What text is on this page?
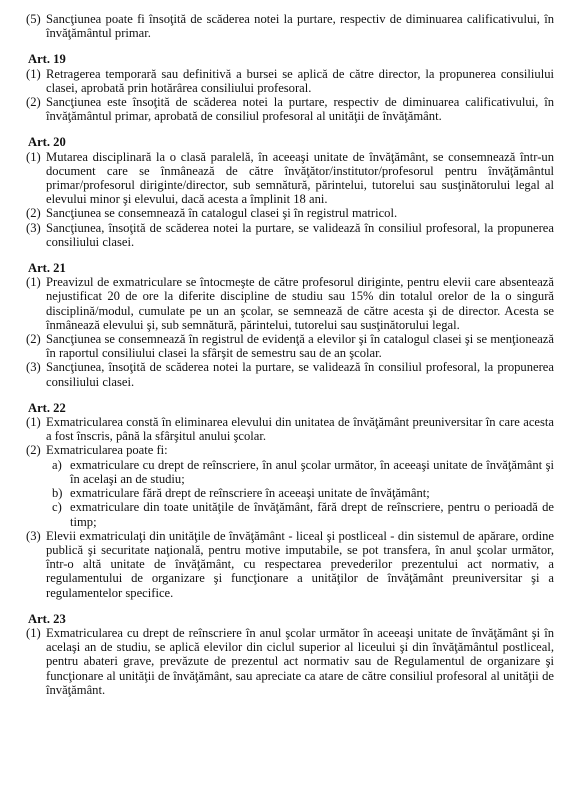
(5) Sancţiunea poate fi însoţită de scăderea notei la purtare, respectiv de diminuarea calificativului, în învăţământul primar.

Art. 19

(1) Retragerea temporară sau definitivă a bursei se aplică de către director, la propunerea consiliului clasei, aprobată prin hotărârea consiliului profesoral.
(2) Sancţiunea este însoţită de scăderea notei la purtare, respectiv de diminuarea calificativului, în învăţământul primar, aprobată de consiliul profesoral al unităţii de învăţământ.

Art. 20

(1) Mutarea disciplinară la o clasă paralelă, în aceeaşi unitate de învăţământ, se consemnează într-un document care se înmânează de către învăţător/institutor/profesorul pentru învăţământul primar/profesorul diriginte/director, sub semnătură, părintelui, tutorelui sau susţinătorului legal al elevului minor şi elevului, dacă acesta a împlinit 18 ani.
(2) Sancţiunea se consemnează în catalogul clasei şi în registrul matricol.
(3) Sancţiunea, însoţită de scăderea notei la purtare, se validează în consiliul profesoral, la propunerea consiliului clasei.

Art. 21

(1) Preavizul de exmatriculare se întocmeşte de către profesorul diriginte, pentru elevii care absentează nejustificat 20 de ore la diferite discipline de studiu sau 15% din totalul orelor de la o singură disciplină/modul, cumulate pe un an şcolar, se semnează de către acesta şi de director. Acesta se înmânează elevului şi, sub semnătură, părintelui, tutorelui sau susţinătorului legal.
(2) Sancţiunea se consemnează în registrul de evidenţă a elevilor şi în catalogul clasei şi se menţionează în raportul consiliului clasei la sfârşit de semestru sau de an şcolar.
(3) Sancţiunea, însoţită de scăderea notei la purtare, se validează în consiliul profesoral, la propunerea consiliului clasei.

Art. 22

(1) Exmatricularea constă în eliminarea elevului din unitatea de învăţământ preuniversitar în care acesta a fost înscris, până la sfârşitul anului şcolar.
(2) Exmatricularea poate fi:
a) exmatriculare cu drept de reînscriere, în anul şcolar următor, în aceeaşi unitate de învăţământ şi în acelaşi an de studiu;
b) exmatriculare fără drept de reînscriere în aceeaşi unitate de învăţământ;
c) exmatriculare din toate unităţile de învăţământ, fără drept de reînscriere, pentru o perioadă de timp;
(3) Elevii exmatriculaţi din unităţile de învăţământ - liceal şi postliceal - din sistemul de apărare, ordine publică şi securitate naţională, pentru motive imputabile, se pot transfera, în anul şcolar următor, într-o altă unitate de învăţământ, cu respectarea prevederilor prezentului act normativ, a regulamentului de organizare şi funcţionare a unităţilor de învăţământ preuniversitar şi a regulamentelor specifice.

Art. 23

(1) Exmatricularea cu drept de reînscriere în anul şcolar următor în aceeaşi unitate de învăţământ şi în acelaşi an de studiu, se aplică elevilor din ciclul superior al liceului şi din învăţământul postliceal, pentru abateri grave, prevăzute de prezentul act normativ sau de Regulamentul de organizare şi funcţionare al unităţii de învăţământ, sau apreciate ca atare de către consiliul profesoral al unităţii de învăţământ.
